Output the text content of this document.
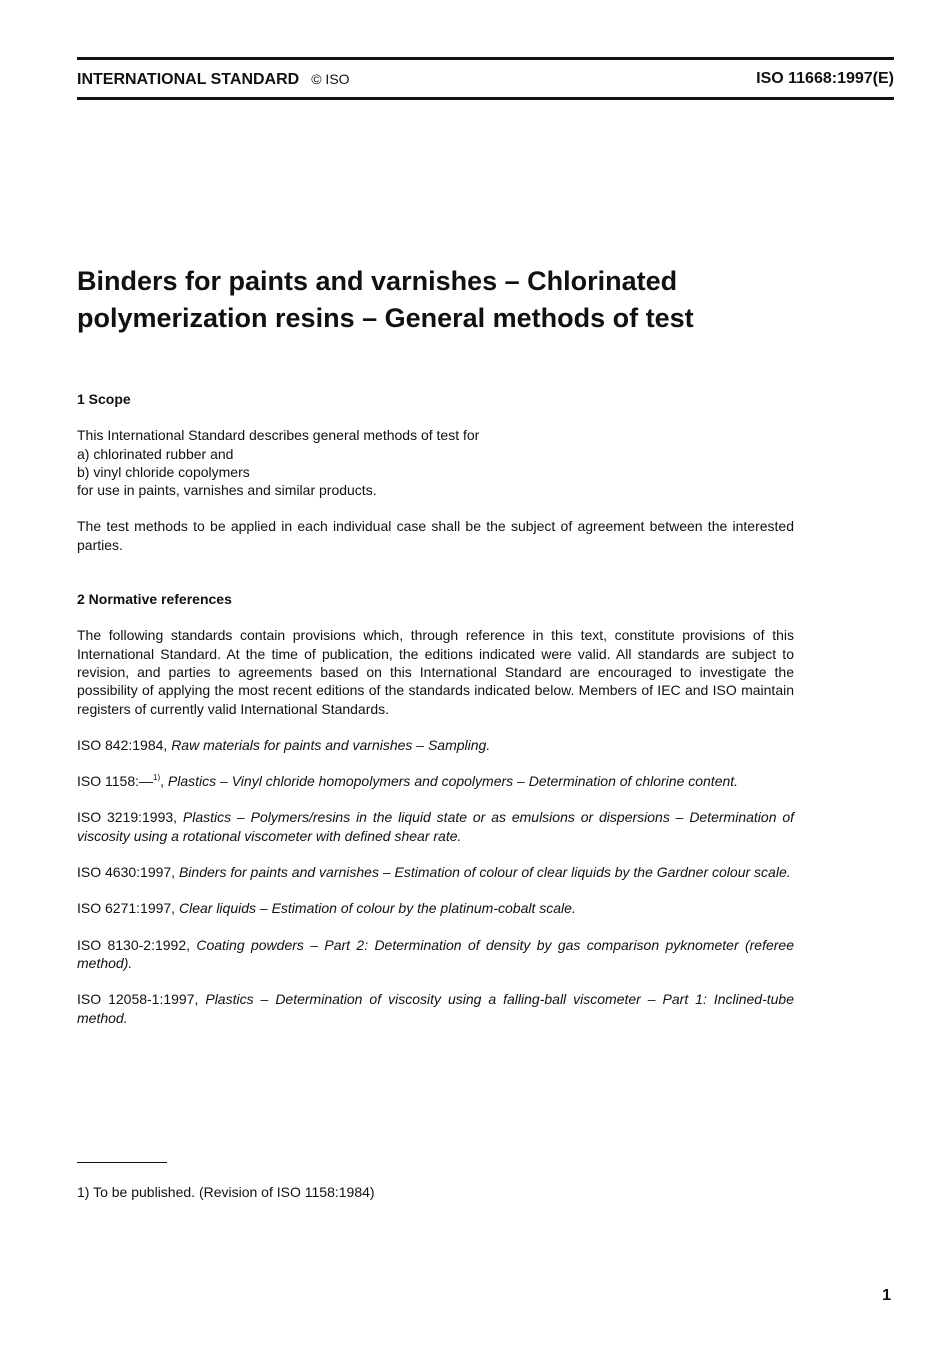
INTERNATIONAL STANDARD © ISO	ISO 11668:1997(E)
Binders for paints and varnishes – Chlorinated
polymerization resins – General methods of test
1 Scope

This International Standard describes general methods of test for

a) chlorinated rubber and

b) vinyl chloride copolymers

for use in paints, varnishes and similar products.

The test methods to be applied in each individual case shall be the subject of agreement between the interested parties.

2 Normative references

The following standards contain provisions which, through reference in this text, constitute provisions of this International Standard. At the time of publication, the editions indicated were valid. All standards are subject to revision, and parties to agreements based on this International Standard are encouraged to investigate the possibility of applying the most recent editions of the standards indicated below. Members of IEC and ISO maintain registers of currently valid International Standards.

ISO 842:1984, Raw materials for paints and varnishes – Sampling.

ISO 1158:—$^{1)}$, Plastics – Vinyl chloride homopolymers and copolymers – Determination of chlorine content.

ISO 3219:1993, Plastics – Polymers/resins in the liquid state or as emulsions or dispersions – Determination of viscosity using a rotational viscometer with defined shear rate.

ISO 4630:1997, Binders for paints and varnishes – Estimation of colour of clear liquids by the Gardner colour scale.

ISO 6271:1997, Clear liquids – Estimation of colour by the platinum-cobalt scale.

ISO 8130-2:1992, Coating powders – Part 2: Determination of density by gas comparison pyknometer (referee method).

ISO 12058-1:1997, Plastics – Determination of viscosity using a falling-ball viscometer – Part 1: Inclined-tube method.

1) To be published. (Revision of ISO 1158:1984)
1
